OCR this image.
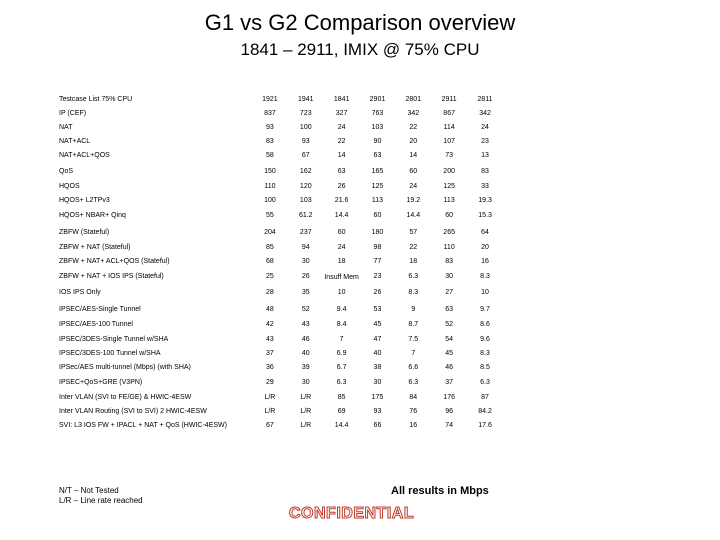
G1 vs G2 Comparison overview
1841 – 2911, IMIX @ 75% CPU
Testcase List 75% CPU	1921	1941	1841	2901	2801	2911	2811
IP (CEF)	837	723	327	763	342	867	342
NAT	93	100	24	103	22	114	24
NAT+ACL	83	93	22	90	20	107	23
NAT+ACL+QOS	58	67	14	63	14	73	13
QoS	150	162	63	165	60	200	83
HQOS	110	120	26	125	24	125	33
HQOS+ L2TPv3	100	103	21.6	113	19.2	113	19.3
HQOS+ NBAR+ Qinq	55	61.2	14.4	60	14.4	60	15.3
ZBFW (Stateful)	204	237	60	180	57	265	64
ZBFW + NAT (Stateful)	85	94	24	98	22	110	20
ZBFW + NAT+ ACL+QOS (Stateful)	68	30	18	77	18	83	16
ZBFW + NAT + IOS IPS (Stateful)	25	26	Insuff Mem	23	6.3	30	8.3
IOS IPS Only	28	35	10	26	8.3	27	10
IPSEC/AES-Single Tunnel	48	52	9.4	53	9	63	9.7
IPSEC/AES-100 Tunnel	42	43	8.4	45	8.7	52	8.6
IPSEC/3DES-Single Tunnel w/SHA	43	46	7	47	7.5	54	9.6
IPSEC/3DES-100 Tunnel w/SHA	37	40	6.9	40	7	45	8.3
IPSec/AES multi-tunnel (Mbps) (with SHA)	36	39	6.7	38	6.6	46	8.5
IPSEC+QoS+GRE (V3PN)	29	30	6.3	30	6.3	37	6.3
Inter VLAN (SVI to FE/GE) & HWIC-4ESW	L/R	L/R	85	175	84	176	87
Inter VLAN Routing (SVI to SVI) 2 HWIC-4ESW	L/R	L/R	69	93	76	96	84.2
SVI: L3 IOS FW + IPACL + NAT + QoS (HWIC-4ESW)	67	L/R	14.4	66	16	74	17.6
N/T – Not Tested
L/R – Line rate reached
All results in Mbps
CONFIDENTIAL
